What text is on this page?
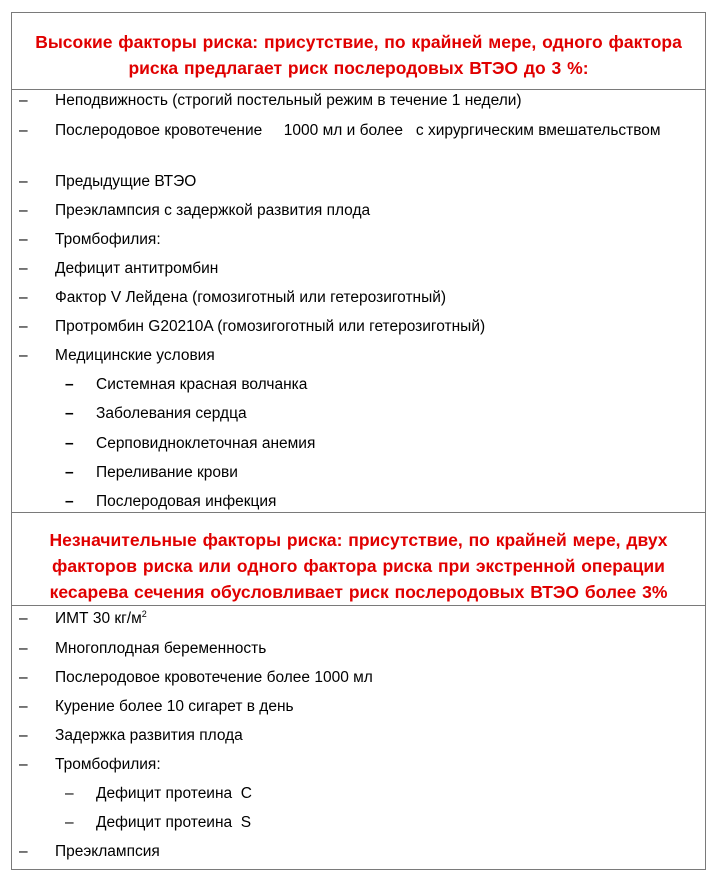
Высокие факторы риска: присутствие, по крайней мере, одного фактора
риска предлагает риск послеродовых ВТЭО до 3 %:
– Неподвижность (строгий постельный режим в течение 1 недели)
– Послеродовое кровотечение     1000 мл и более   с хирургическим вмешательством
– Предыдущие ВТЭО
– Преэклампсия с задержкой развития плода
– Тромбофилия:
– Дефицит антитромбин
– Фактор V Лейдена (гомозиготный или гетерозиготный)
– Протромбин G20210A (гомозигоготный или гетерозиготный)
– Медицинские условия
– Системная красная волчанка
– Заболевания сердца
– Серповидноклеточная анемия
– Переливание крови
– Послеродовая инфекция
Незначительные факторы риска: присутствие, по крайней мере, двух
факторов риска или одного фактора риска при экстренной операции
кесарева сечения обусловливает риск послеродовых ВТЭО более 3%
– ИМТ 30 $кг/м^2$
– Многоплодная беременность
– Послеродовое кровотечение более 1000 мл
– Курение более 10 сигарет в день
– Задержка развития плода
– Тромбофилия:
– Дефицит протеина  С
– Дефицит протеина  S
– Преэклампсия
